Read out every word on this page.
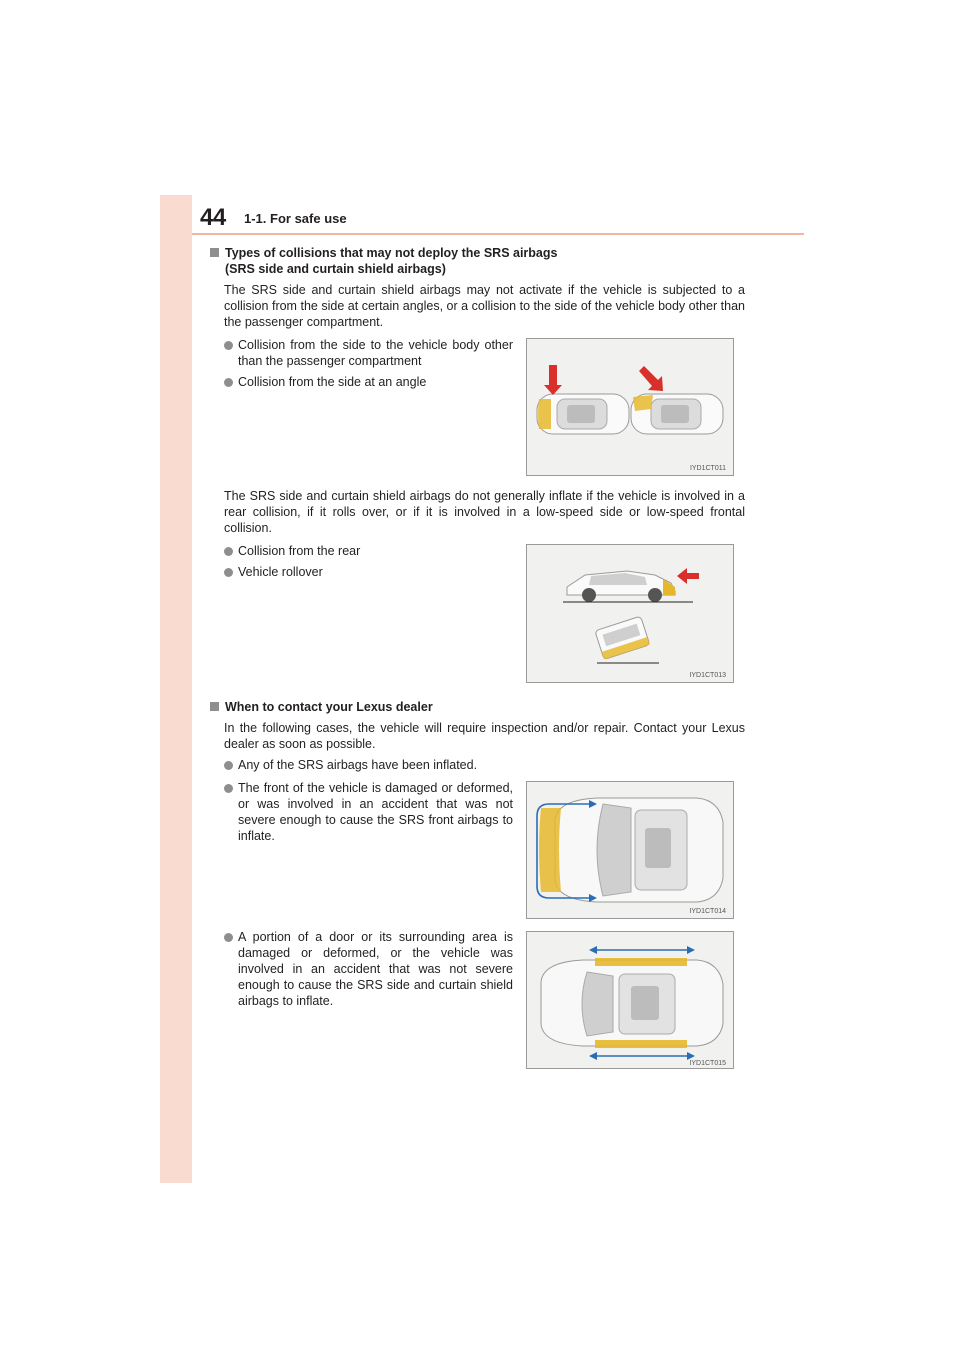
44 1-1. For safe use
Types of collisions that may not deploy the SRS airbags
(SRS side and curtain shield airbags)
The SRS side and curtain shield airbags may not activate if the vehicle is subjected to a collision from the side at certain angles, or a collision to the side of the vehicle body other than the passenger compartment.
Collision from the side to the vehicle body other than the passenger compartment
Collision from the side at an angle
IYD1CT011
The SRS side and curtain shield airbags do not generally inflate if the vehicle is involved in a rear collision, if it rolls over, or if it is involved in a low-speed side or low-speed frontal collision.
Collision from the rear
Vehicle rollover
IYD1CT013
When to contact your Lexus dealer
In the following cases, the vehicle will require inspection and/or repair. Contact your Lexus dealer as soon as possible.
Any of the SRS airbags have been inflated.
The front of the vehicle is damaged or deformed, or was involved in an accident that was not severe enough to cause the SRS front airbags to inflate.
IYD1CT014
A portion of a door or its surrounding area is damaged or deformed, or the vehicle was involved in an accident that was not severe enough to cause the SRS side and curtain shield airbags to inflate.
IYD1CT015
